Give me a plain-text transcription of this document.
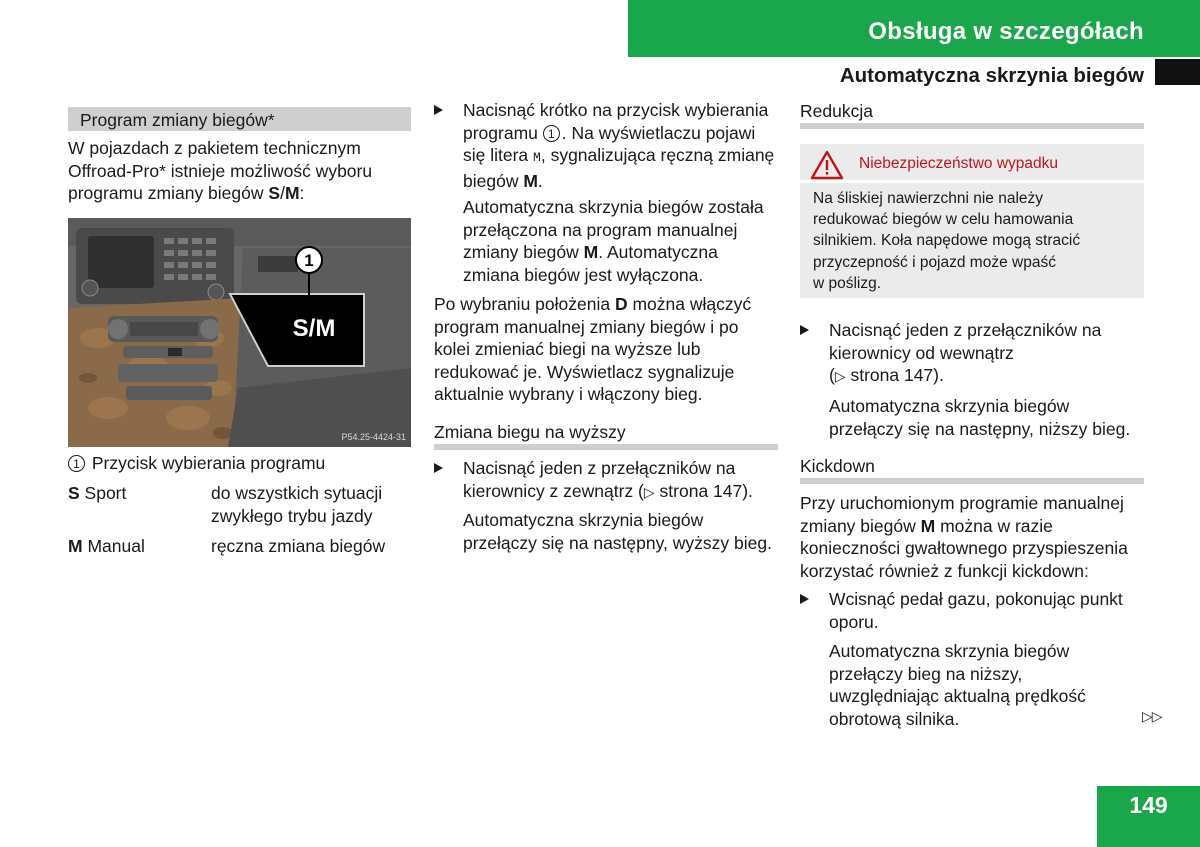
Obsługa w szczegółach
Automatyczna skrzynia biegów
Program zmiany biegów*
W pojazdach z pakietem technicznym
Offroad-Pro* istnieje możliwość wyboru
programu zmiany biegów S/M:
1
S/M
P54.25-4424-31
1 Przycisk wybierania programu
S Sport	do wszystkich sytuacji
zwykłego trybu jazdy
M Manual	ręczna zmiana biegów
Nacisnąć krótko na przycisk wybierania
programu 1 . Na wyświetlaczu pojawi
się litera M, sygnalizująca ręczną zmianę
biegów M.
Automatyczna skrzynia biegów została
przełączona na program manualnej
zmiany biegów M. Automatyczna
zmiana biegów jest wyłączona.
Po wybraniu położenia D można włączyć
program manualnej zmiany biegów i po
kolei zmieniać biegi na wyższe lub
redukować je. Wyświetlacz sygnalizuje
aktualnie wybrany i włączony bieg.
Zmiana biegu na wyższy
Nacisnąć jeden z przełączników na
kierownicy z zewnątrz (▷ strona 147).
Automatyczna skrzynia biegów
przełączy się na następny, wyższy bieg.
Redukcja
Niebezpieczeństwo wypadku
Na śliskiej nawierzchni nie należy
redukować biegów w celu hamowania
silnikiem. Koła napędowe mogą stracić
przyczepność i pojazd może wpaść
w poślizg.
Nacisnąć jeden z przełączników na
kierownicy od wewnątrz
(▷ strona 147).
Automatyczna skrzynia biegów
przełączy się na następny, niższy bieg.
Kickdown
Przy uruchomionym programie manualnej
zmiany biegów M można w razie
konieczności gwałtownego przyspieszenia
korzystać również z funkcji kickdown:
Wcisnąć pedał gazu, pokonując punkt
oporu.
Automatyczna skrzynia biegów
przełączy bieg na niższy,
uwzględniając aktualną prędkość
obrotową silnika.	▷▷
149
